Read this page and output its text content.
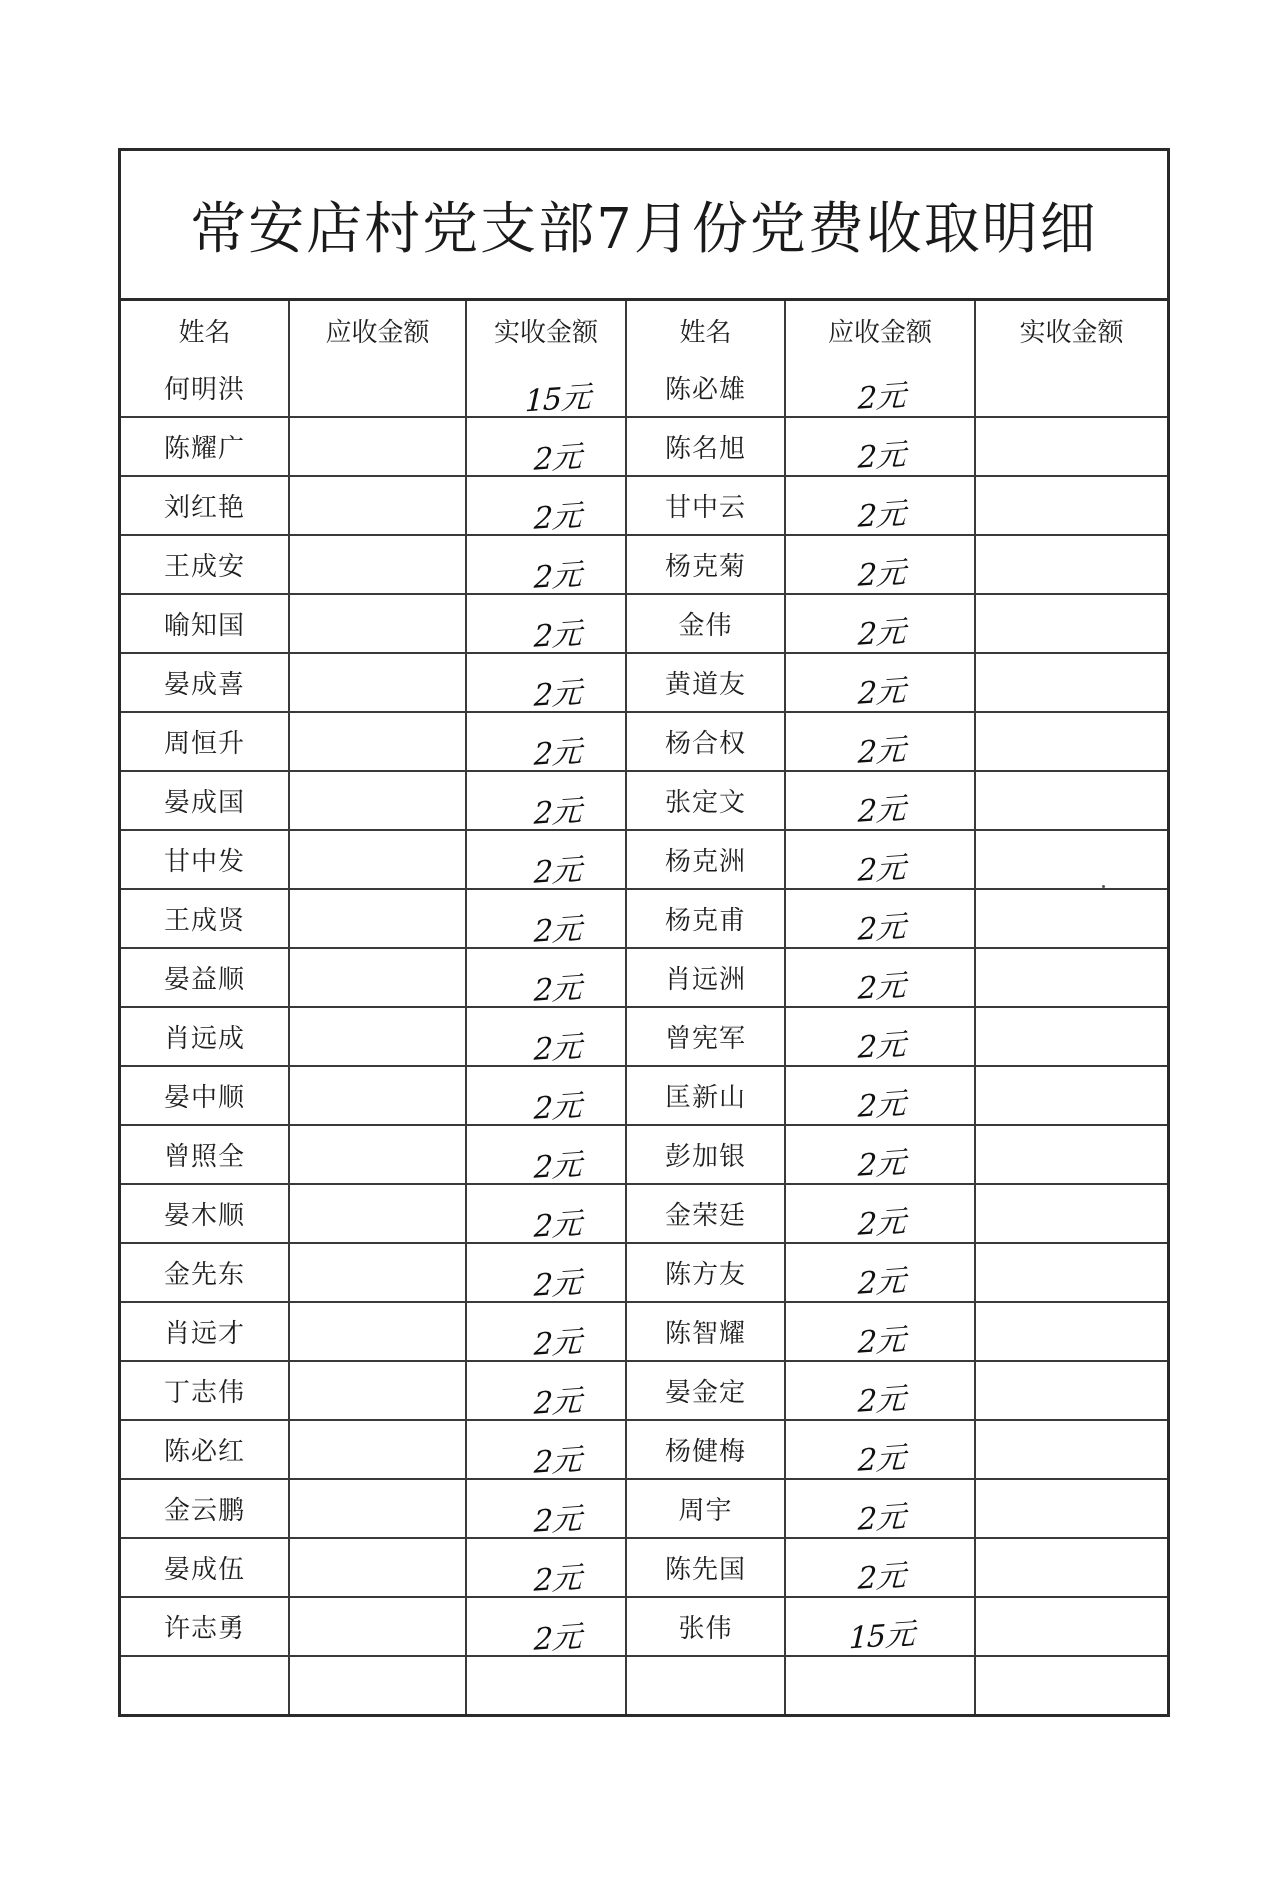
常安店村党支部7月份党费收取明细
姓名	应收金额	实收金额	姓名	应收金额	实收金额
何明洪		15元	陈必雄	2元	
陈耀广		2元	陈名旭	2元	
刘红艳		2元	甘中云	2元	
王成安		2元	杨克菊	2元	
喻知国		2元	金伟	2元	
晏成喜		2元	黄道友	2元	
周恒升		2元	杨合权	2元	
晏成国		2元	张定文	2元	
甘中发		2元	杨克洲	2元	
王成贤		2元	杨克甫	2元	
晏益顺		2元	肖远洲	2元	
肖远成		2元	曾宪军	2元	
晏中顺		2元	匡新山	2元	
曾照全		2元	彭加银	2元	
晏木顺		2元	金荣廷	2元	
金先东		2元	陈方友	2元	
肖远才		2元	陈智耀	2元	
丁志伟		2元	晏金定	2元	
陈必红		2元	杨健梅	2元	
金云鹏		2元	周宇	2元	
晏成伍		2元	陈先国	2元	
许志勇		2元	张伟	15元	
